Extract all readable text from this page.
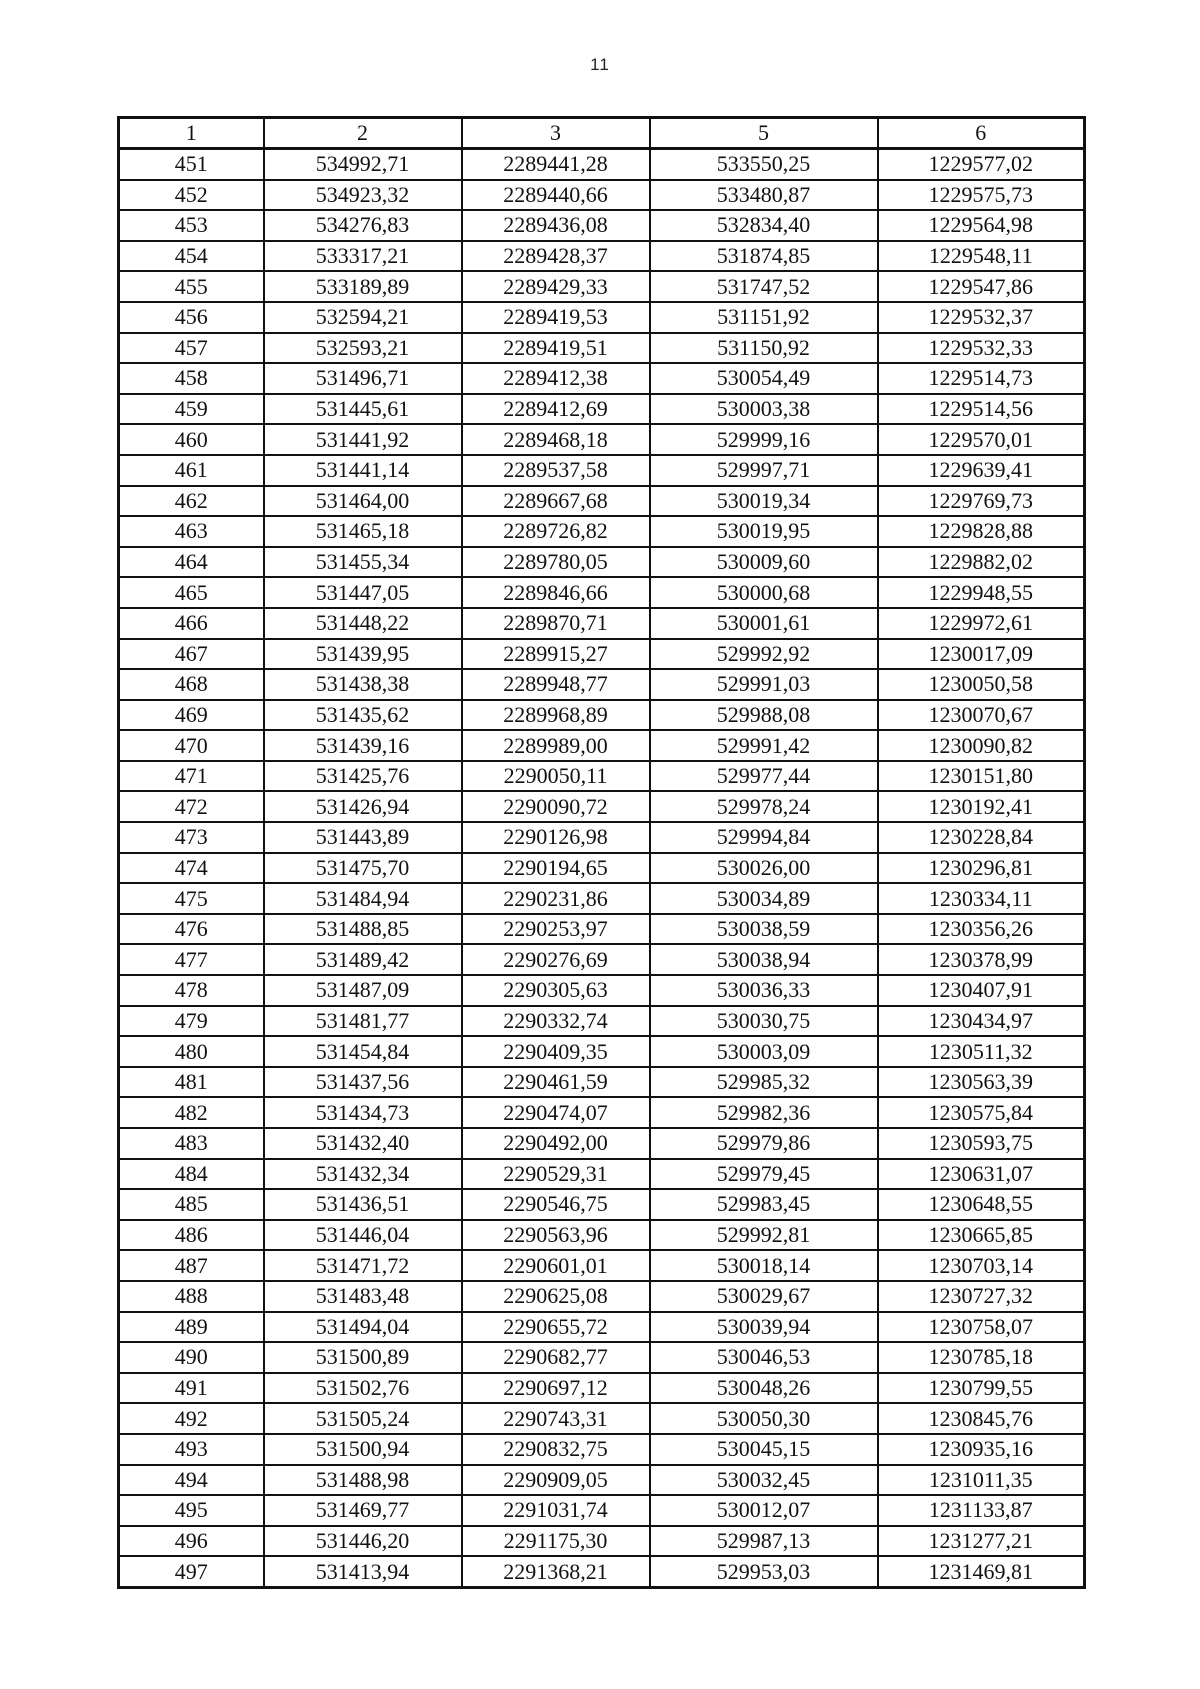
11
1	2	3	5	6
451	534992,71	2289441,28	533550,25	1229577,02
452	534923,32	2289440,66	533480,87	1229575,73
453	534276,83	2289436,08	532834,40	1229564,98
454	533317,21	2289428,37	531874,85	1229548,11
455	533189,89	2289429,33	531747,52	1229547,86
456	532594,21	2289419,53	531151,92	1229532,37
457	532593,21	2289419,51	531150,92	1229532,33
458	531496,71	2289412,38	530054,49	1229514,73
459	531445,61	2289412,69	530003,38	1229514,56
460	531441,92	2289468,18	529999,16	1229570,01
461	531441,14	2289537,58	529997,71	1229639,41
462	531464,00	2289667,68	530019,34	1229769,73
463	531465,18	2289726,82	530019,95	1229828,88
464	531455,34	2289780,05	530009,60	1229882,02
465	531447,05	2289846,66	530000,68	1229948,55
466	531448,22	2289870,71	530001,61	1229972,61
467	531439,95	2289915,27	529992,92	1230017,09
468	531438,38	2289948,77	529991,03	1230050,58
469	531435,62	2289968,89	529988,08	1230070,67
470	531439,16	2289989,00	529991,42	1230090,82
471	531425,76	2290050,11	529977,44	1230151,80
472	531426,94	2290090,72	529978,24	1230192,41
473	531443,89	2290126,98	529994,84	1230228,84
474	531475,70	2290194,65	530026,00	1230296,81
475	531484,94	2290231,86	530034,89	1230334,11
476	531488,85	2290253,97	530038,59	1230356,26
477	531489,42	2290276,69	530038,94	1230378,99
478	531487,09	2290305,63	530036,33	1230407,91
479	531481,77	2290332,74	530030,75	1230434,97
480	531454,84	2290409,35	530003,09	1230511,32
481	531437,56	2290461,59	529985,32	1230563,39
482	531434,73	2290474,07	529982,36	1230575,84
483	531432,40	2290492,00	529979,86	1230593,75
484	531432,34	2290529,31	529979,45	1230631,07
485	531436,51	2290546,75	529983,45	1230648,55
486	531446,04	2290563,96	529992,81	1230665,85
487	531471,72	2290601,01	530018,14	1230703,14
488	531483,48	2290625,08	530029,67	1230727,32
489	531494,04	2290655,72	530039,94	1230758,07
490	531500,89	2290682,77	530046,53	1230785,18
491	531502,76	2290697,12	530048,26	1230799,55
492	531505,24	2290743,31	530050,30	1230845,76
493	531500,94	2290832,75	530045,15	1230935,16
494	531488,98	2290909,05	530032,45	1231011,35
495	531469,77	2291031,74	530012,07	1231133,87
496	531446,20	2291175,30	529987,13	1231277,21
497	531413,94	2291368,21	529953,03	1231469,81
